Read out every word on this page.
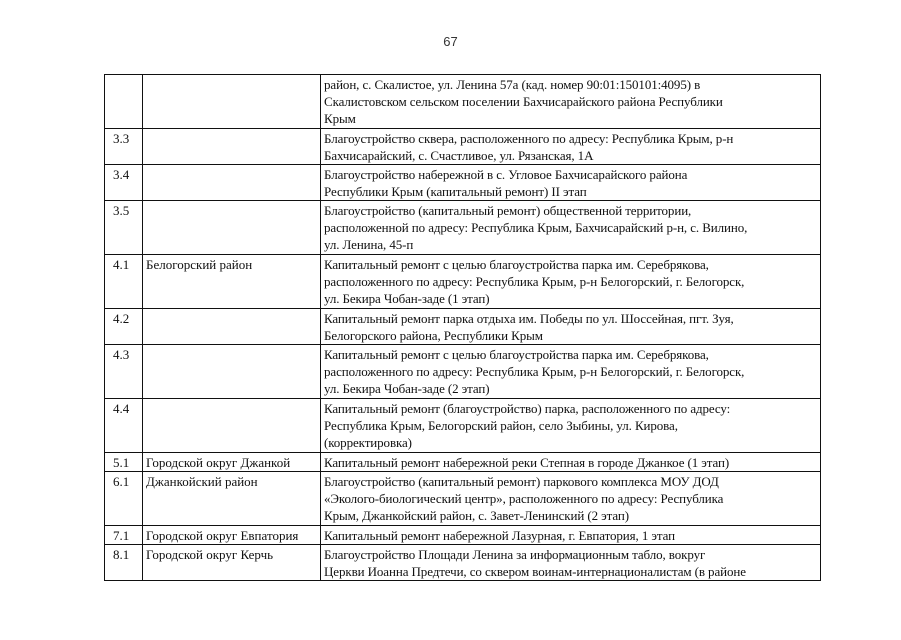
67
		район, с. Скалистое, ул. Ленина 57а (кад. номер 90:01:150101:4095) в
Скалистовском сельском поселении Бахчисарайского района Республики
Крым
3.3		Благоустройство сквера, расположенного по адресу: Республика Крым, р-н
Бахчисарайский, с. Счастливое, ул. Рязанская, 1А
3.4		Благоустройство набережной в с. Угловое Бахчисарайского района
Республики Крым (капитальный ремонт) II этап
3.5		Благоустройство (капитальный ремонт) общественной территории,
расположенной по адресу: Республика Крым, Бахчисарайский р-н, с. Вилино,
ул. Ленина, 45-п
4.1	Белогорский район	Капитальный ремонт с целью благоустройства парка им. Серебрякова,
расположенного по адресу: Республика Крым, р-н Белогорский, г. Белогорск,
ул. Бекира Чобан-заде (1 этап)
4.2		Капитальный ремонт парка отдыха им. Победы по ул. Шоссейная, пгт. Зуя,
Белогорского района, Республики Крым
4.3		Капитальный ремонт с целью благоустройства парка им. Серебрякова,
расположенного по адресу: Республика Крым, р-н Белогорский, г. Белогорск,
ул. Бекира Чобан-заде (2 этап)
4.4		Капитальный ремонт (благоустройство) парка, расположенного по адресу:
Республика Крым, Белогорский район, село Зыбины, ул. Кирова,
(корректировка)
5.1	Городской округ Джанкой	Капитальный ремонт набережной реки Степная в городе Джанкое (1 этап)
6.1	Джанкойский район	Благоустройство (капитальный ремонт) паркового комплекса МОУ ДОД
«Эколого-биологический центр», расположенного по адресу: Республика
Крым, Джанкойский район, с. Завет-Ленинский (2 этап)
7.1	Городской округ Евпатория	Капитальный ремонт набережной Лазурная, г. Евпатория, 1 этап
8.1	Городской округ Керчь	Благоустройство Площади Ленина за информационным табло, вокруг
Церкви Иоанна Предтечи, со сквером воинам-интернационалистам (в районе
